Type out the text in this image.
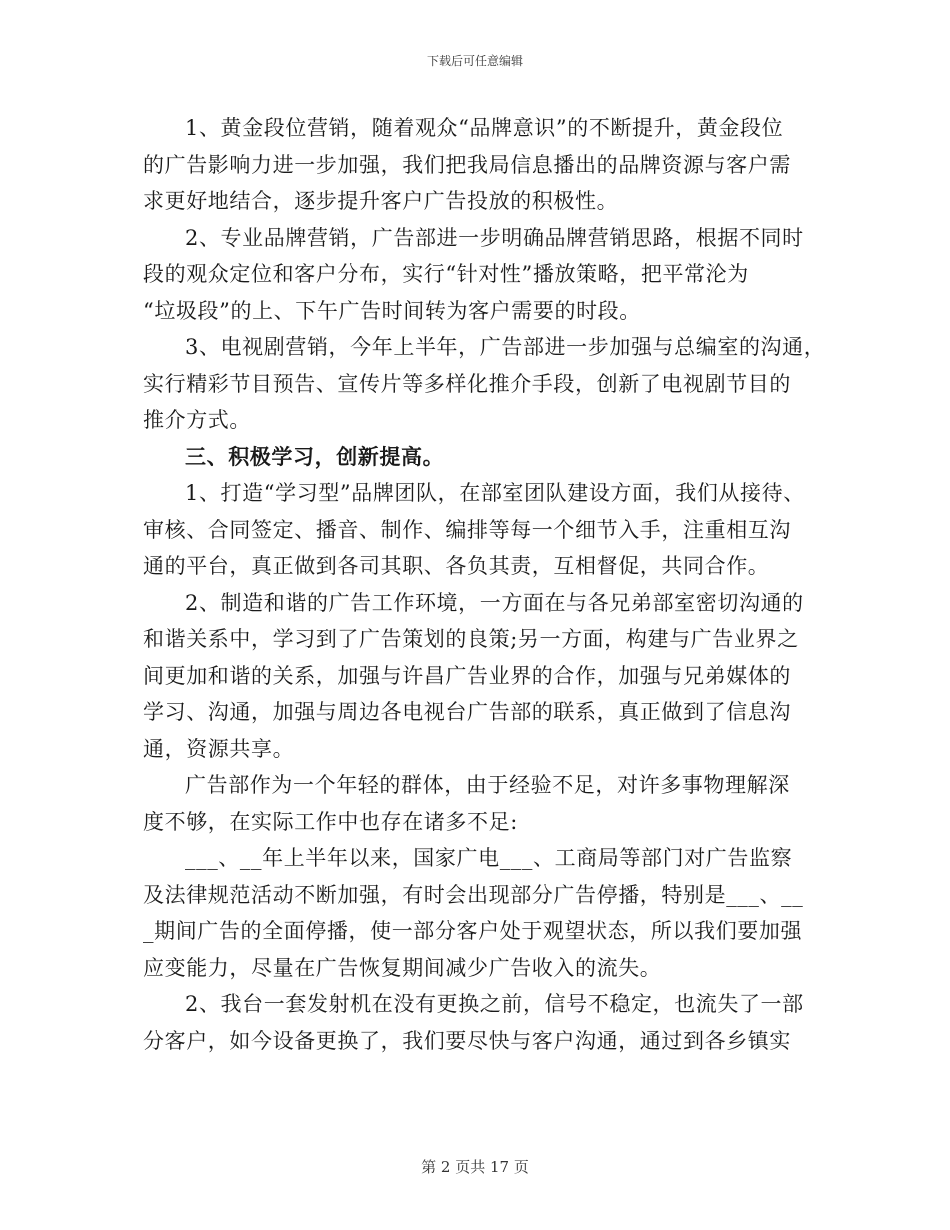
下载后可任意编辑
1、黄金段位营销，随着观众“品牌意识”的不断提升，黄金段位
的广告影响力进一步加强，我们把我局信息播出的品牌资源与客户需
求更好地结合，逐步提升客户广告投放的积极性。
2、专业品牌营销，广告部进一步明确品牌营销思路，根据不同时
段的观众定位和客户分布，实行“针对性”播放策略，把平常沦为
“垃圾段”的上、下午广告时间转为客户需要的时段。
3、电视剧营销，今年上半年，广告部进一步加强与总编室的沟通，
实行精彩节目预告、宣传片等多样化推介手段，创新了电视剧节目的
推介方式。
三、积极学习，创新提高。
1、打造“学习型”品牌团队，在部室团队建设方面，我们从接待、
审核、合同签定、播音、制作、编排等每一个细节入手，注重相互沟
通的平台，真正做到各司其职、各负其责，互相督促，共同合作。
2、制造和谐的广告工作环境，一方面在与各兄弟部室密切沟通的
和谐关系中，学习到了广告策划的良策;另一方面，构建与广告业界之
间更加和谐的关系，加强与许昌广告业界的合作，加强与兄弟媒体的
学习、沟通，加强与周边各电视台广告部的联系，真正做到了信息沟
通，资源共享。
广告部作为一个年轻的群体，由于经验不足，对许多事物理解深
度不够，在实际工作中也存在诸多不足:
___、__年上半年以来，国家广电___、工商局等部门对广告监察
及法律规范活动不断加强，有时会出现部分广告停播，特别是___、__
_期间广告的全面停播，使一部分客户处于观望状态，所以我们要加强
应变能力，尽量在广告恢复期间减少广告收入的流失。
2、我台一套发射机在没有更换之前，信号不稳定，也流失了一部
分客户，如今设备更换了，我们要尽快与客户沟通，通过到各乡镇实
第 2 页共 17 页
